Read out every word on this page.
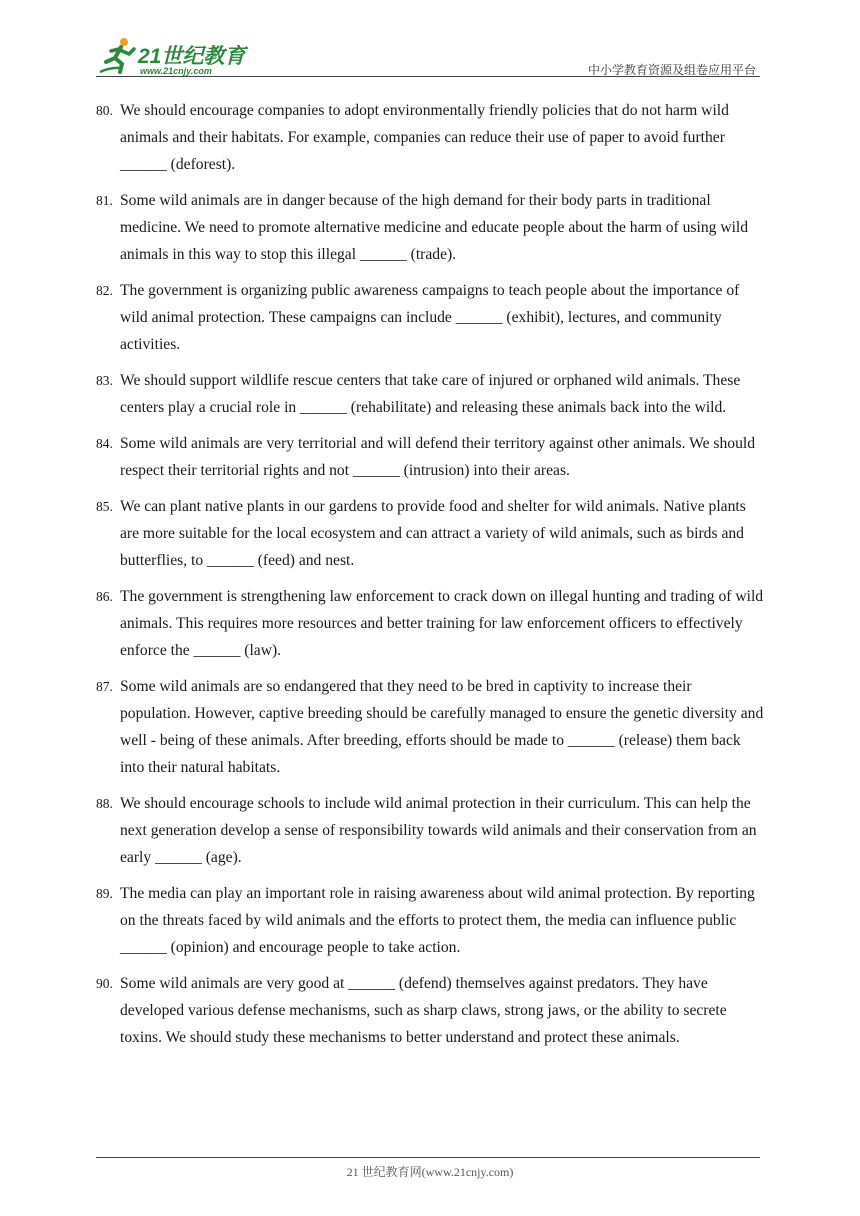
21世纪教育
www.21cnjy.com	中小学教育资源及组卷应用平台
80. We should encourage companies to adopt environmentally friendly policies that do not harm wild animals and their habitats. For example, companies can reduce their use of paper to avoid further ______ (deforest).
81. Some wild animals are in danger because of the high demand for their body parts in traditional medicine. We need to promote alternative medicine and educate people about the harm of using wild animals in this way to stop this illegal ______ (trade).
82. The government is organizing public awareness campaigns to teach people about the importance of wild animal protection. These campaigns can include ______ (exhibit), lectures, and community activities.
83. We should support wildlife rescue centers that take care of injured or orphaned wild animals. These centers play a crucial role in ______ (rehabilitate) and releasing these animals back into the wild.
84. Some wild animals are very territorial and will defend their territory against other animals. We should respect their territorial rights and not ______ (intrusion) into their areas.
85. We can plant native plants in our gardens to provide food and shelter for wild animals. Native plants are more suitable for the local ecosystem and can attract a variety of wild animals, such as birds and butterflies, to ______ (feed) and nest.
86. The government is strengthening law enforcement to crack down on illegal hunting and trading of wild animals. This requires more resources and better training for law enforcement officers to effectively enforce the ______ (law).
87. Some wild animals are so endangered that they need to be bred in captivity to increase their population. However, captive breeding should be carefully managed to ensure the genetic diversity and well - being of these animals. After breeding, efforts should be made to ______ (release) them back into their natural habitats.
88. We should encourage schools to include wild animal protection in their curriculum. This can help the next generation develop a sense of responsibility towards wild animals and their conservation from an early ______ (age).
89. The media can play an important role in raising awareness about wild animal protection. By reporting on the threats faced by wild animals and the efforts to protect them, the media can influence public ______ (opinion) and encourage people to take action.
90. Some wild animals are very good at ______ (defend) themselves against predators. They have developed various defense mechanisms, such as sharp claws, strong jaws, or the ability to secrete toxins. We should study these mechanisms to better understand and protect these animals.
21 世纪教育网(www.21cnjy.com)
